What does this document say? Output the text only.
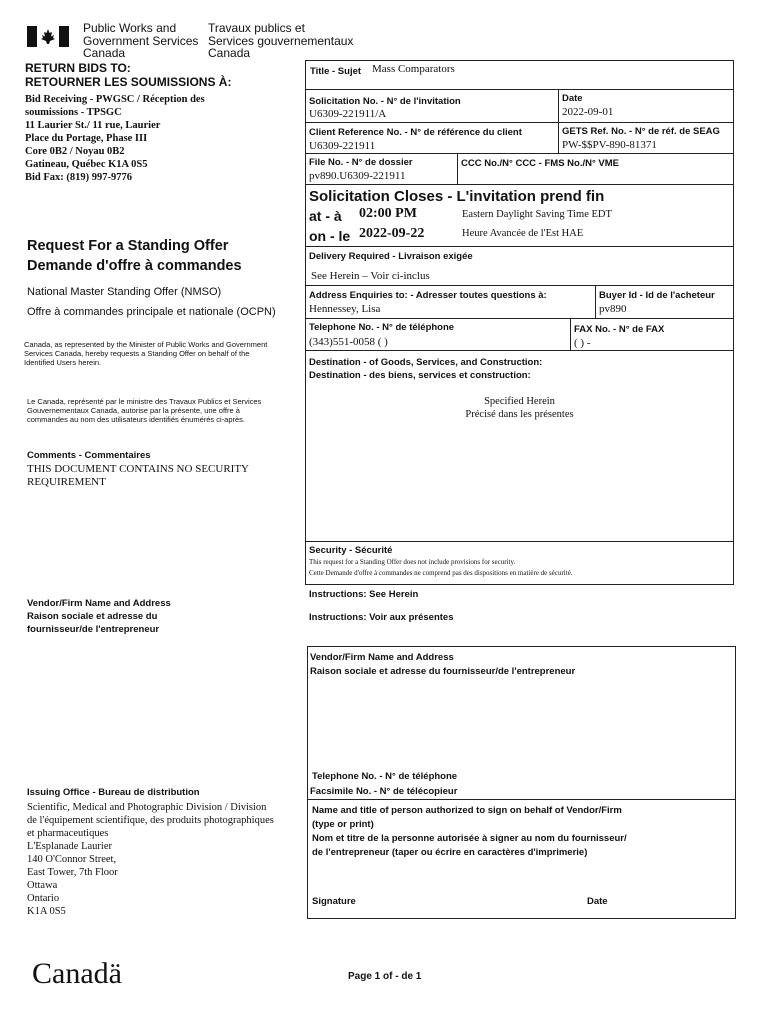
Public Works and
Government Services
Canada
Travaux publics et
Services gouvernementaux
Canada
RETURN BIDS TO:
RETOURNER LES SOUMISSIONS À:
Bid Receiving - PWGSC / Réception des
soumissions - TPSGC
11 Laurier St./ 11 rue, Laurier
Place du Portage, Phase III
Core 0B2 / Noyau 0B2
Gatineau, Québec K1A 0S5
Bid Fax: (819) 997-9776
Request For a Standing Offer
Demande d'offre à commandes
National Master Standing Offer (NMSO)
Offre à commandes principale et nationale (OCPN)
Canada, as represented by the Minister of Public Works and Government Services Canada, hereby requests a Standing Offer on behalf of the Identified Users herein.
Le Canada, représenté par le ministre des Travaux Publics et Services Gouvernementaux Canada, autorise par la présente, une offre à commandes au nom des utilisateurs identifiés énumérés ci-après.
Comments - Commentaires
THIS DOCUMENT CONTAINS NO SECURITY
REQUIREMENT
Vendor/Firm Name and Address
Raison sociale et adresse du
fournisseur/de l'entrepreneur
Issuing Office - Bureau de distribution
Scientific, Medical and Photographic Division / Division
de l'équipement scientifique, des produits photographiques
et pharmaceutiques
L'Esplanade Laurier
140 O'Connor Street,
East Tower, 7th Floor
Ottawa
Ontario
K1A 0S5
Title - Sujet Mass Comparators
Solicitation No. - N° de l'invitation
U6309-221911/A
Date
2022-09-01
Client Reference No. - N° de référence du client
U6309-221911
GETS Ref. No. - N° de réf. de SEAG
PW-$$PV-890-81371
File No. - N° de dossier
pv890.U6309-221911
CCC No./N° CCC - FMS No./N° VME
Solicitation Closes - L'invitation prend fin
at - à 02:00 PM	Eastern Daylight Saving Time EDT
on - le 2022-09-22	Heure Avancée de l'Est HAE
Delivery Required - Livraison exigée
See Herein – Voir ci-inclus
Address Enquiries to: - Adresser toutes questions à:
Hennessey, Lisa
Buyer Id - Id de l'acheteur
pv890
Telephone No. - N° de téléphone
(343)551-0058 ( )
FAX No. - N° de FAX
( ) -
Destination - of Goods, Services, and Construction:
Destination - des biens, services et construction:
Specified Herein
Précisé dans les présentes
Security - Sécurité
This request for a Standing Offer does not include provisions for security.
Cette Demande d'offre à commandes ne comprend pas des dispositions en matière de sécurité.
Instructions: See Herein
Instructions: Voir aux présentes
Vendor/Firm Name and Address
Raison sociale et adresse du fournisseur/de l'entrepreneur
Telephone No. - N° de téléphone
Facsimile No. - N° de télécopieur
Name and title of person authorized to sign on behalf of Vendor/Firm
(type or print)
Nom et titre de la personne autorisée à signer au nom du fournisseur/
de l'entrepreneur (taper ou écrire en caractères d'imprimerie)
Signature	Date
Canadä	Page 1 of - de 1
